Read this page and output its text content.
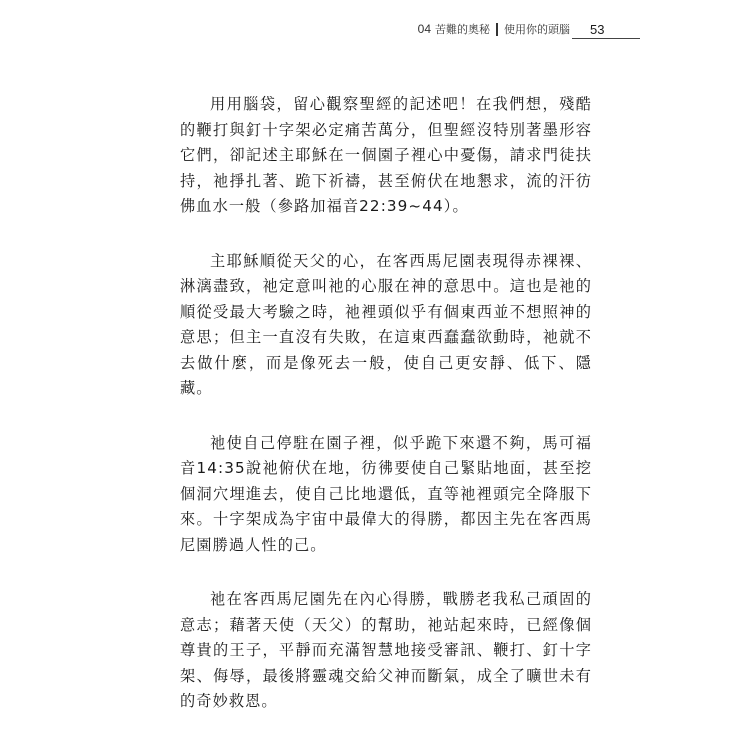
04 苦難的奧秘 使用你的頭腦	53

用用腦袋，留心觀察聖經的記述吧！在我們想，殘酷的鞭打與釘十字架必定痛苦萬分，但聖經沒特別著墨形容它們，卻記述主耶穌在一個園子裡心中憂傷，請求門徒扶持，祂掙扎著、跪下祈禱，甚至俯伏在地懇求，流的汗彷佛血水一般（參路加福音22:39~44）。

主耶穌順從天父的心，在客西馬尼園表現得赤裸裸、淋漓盡致，祂定意叫祂的心服在神的意思中。這也是祂的順從受最大考驗之時，祂裡頭似乎有個東西並不想照神的意思；但主一直沒有失敗，在這東西蠢蠢欲動時，祂就不去做什麼，而是像死去一般，使自己更安靜、低下、隱藏。

祂使自己停駐在園子裡，似乎跪下來還不夠，馬可福音14:35說祂俯伏在地，彷彿要使自己緊貼地面，甚至挖個洞穴埋進去，使自己比地還低，直等祂裡頭完全降服下來。十字架成為宇宙中最偉大的得勝，都因主先在客西馬尼園勝過人性的己。

祂在客西馬尼園先在內心得勝，戰勝老我私己頑固的意志；藉著天使（天父）的幫助，祂站起來時，已經像個尊貴的王子，平靜而充滿智慧地接受審訊、鞭打、釘十字架、侮辱，最後將靈魂交給父神而斷氣，成全了曠世未有的奇妙救恩。
